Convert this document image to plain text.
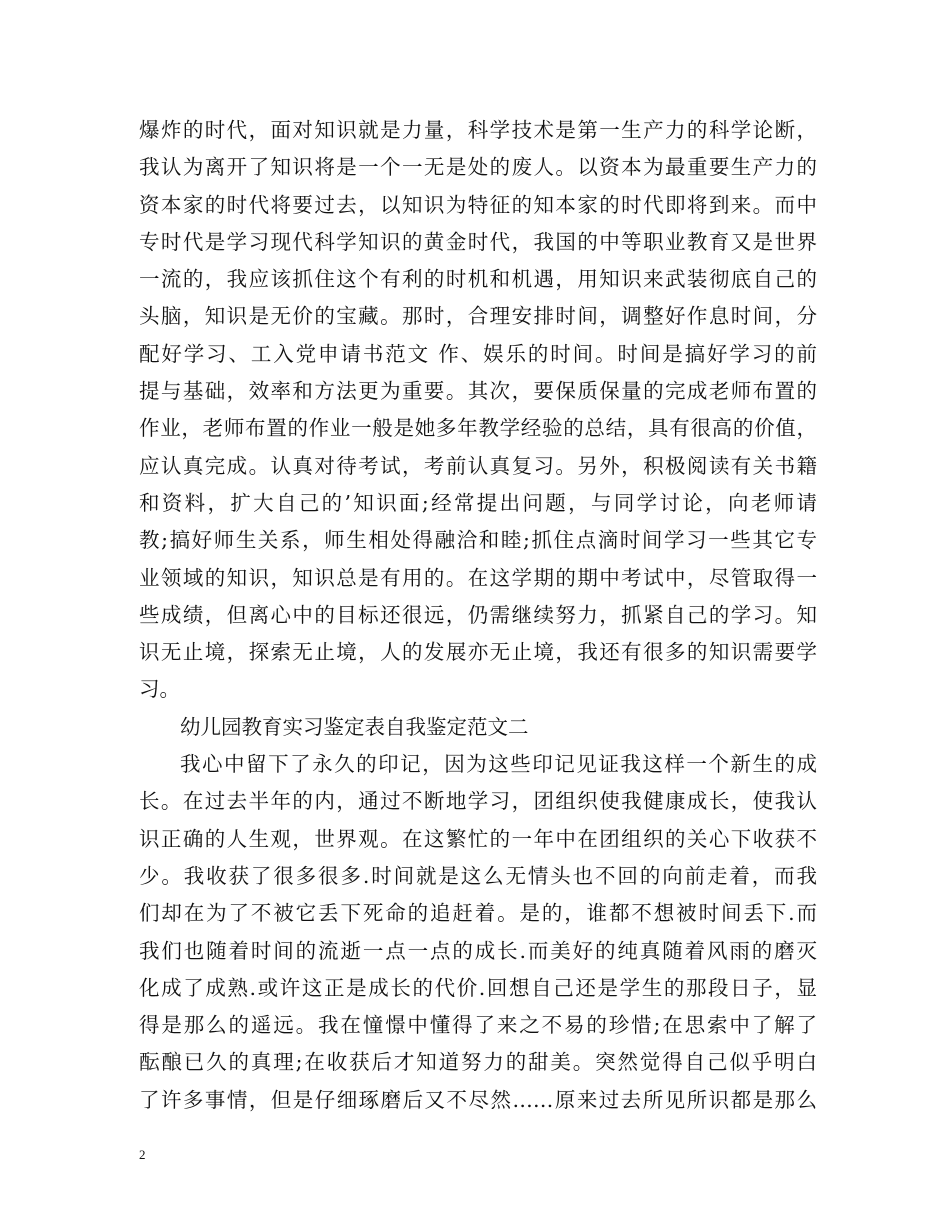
爆炸的时代，面对知识就是力量，科学技术是第一生产力的科学论断，
我认为离开了知识将是一个一无是处的废人。以资本为最重要生产力的
资本家的时代将要过去，以知识为特征的知本家的时代即将到来。而中
专时代是学习现代科学知识的黄金时代，我国的中等职业教育又是世界
一流的，我应该抓住这个有利的时机和机遇，用知识来武装彻底自己的
头脑，知识是无价的宝藏。那时，合理安排时间，调整好作息时间，分
配好学习、工入党申请书范文 作、娱乐的时间。时间是搞好学习的前
提与基础，效率和方法更为重要。其次，要保质保量的完成老师布置的
作业，老师布置的作业一般是她多年教学经验的总结，具有很高的价值，
应认真完成。认真对待考试，考前认真复习。另外，积极阅读有关书籍
和资料，扩大自己的’知识面;经常提出问题，与同学讨论，向老师请
教;搞好师生关系，师生相处得融洽和睦;抓住点滴时间学习一些其它专
业领域的知识，知识总是有用的。在这学期的期中考试中，尽管取得一
些成绩，但离心中的目标还很远，仍需继续努力，抓紧自己的学习。知
识无止境，探索无止境，人的发展亦无止境，我还有很多的知识需要学
习。
幼儿园教育实习鉴定表自我鉴定范文二
我心中留下了永久的印记，因为这些印记见证我这样一个新生的成
长。在过去半年的内，通过不断地学习，团组织使我健康成长，使我认
识正确的人生观，世界观。在这繁忙的一年中在团组织的关心下收获不
少。我收获了很多很多.时间就是这么无情头也不回的向前走着，而我
们却在为了不被它丢下死命的追赶着。是的，谁都不想被时间丢下.而
我们也随着时间的流逝一点一点的成长.而美好的纯真随着风雨的磨灭
化成了成熟.或许这正是成长的代价.回想自己还是学生的那段日子，显
得是那么的遥远。我在憧憬中懂得了来之不易的珍惜;在思索中了解了
酝酿已久的真理;在收获后才知道努力的甜美。突然觉得自己似乎明白
了许多事情，但是仔细琢磨后又不尽然……原来过去所见所识都是那么
2
